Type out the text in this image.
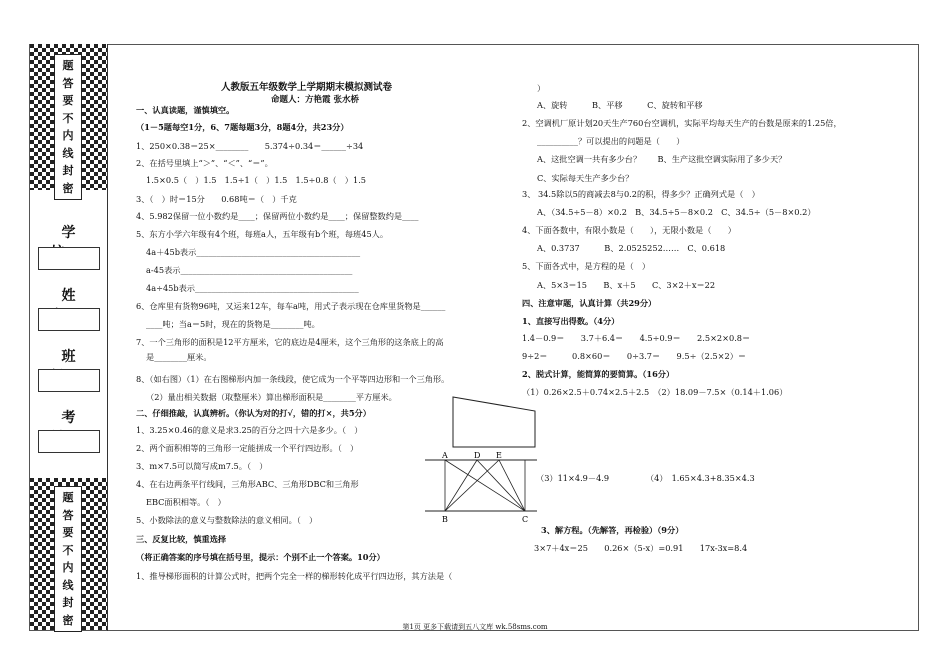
题
答
要
不
内
线
封
密
学
姓
班
考
题
答
要
不
内
线
封
密
人教版五年级数学上学期期末模拟测试卷
命题人：方艳霞 张水桥
一、认真读题，谨慎填空。
（1－5题每空1分，6、7题每题3分，8题4分，共23分）
1、250×0.38＝25×________　　5.374÷0.34＝______÷34
2、在括号里填上“＞”、“＜”、“＝”。
1.5×0.5（　）1.5　1.5÷1（　）1.5　1.5÷0.8（　）1.5
3、（　）时＝15分　　0.68吨＝（　）千克
4、5.982保留一位小数约是____；保留两位小数约是____；保留整数约是____
5、东方小学六年级有4个班，每班a人，五年级有b个班，每班45人。
4a＋45b表示________________________________________
a-45表示__________________________________________
4a÷45b表示________________________________________
6、仓库里有货物96吨，又运来12车，每车a吨，用式子表示现在仓库里货物是______
____吨；当a＝5时，现在的货物是________吨。
7、一个三角形的面积是12平方厘米，它的底边是4厘米，这个三角形的这条底上的高
是________厘米。
8、（如右图）（1）在右图梯形内加一条线段，使它成为一个平等四边形和一个三角形。
（2）量出相关数据（取整厘米）算出梯形面积是________平方厘米。
二、仔细推敲，认真辨析。（你认为对的打√，错的打×，共5分）
1、3.25×0.46的意义是求3.25的百分之四十六是多少。（　）
2、两个面积相等的三角形一定能拼成一个平行四边形。（　）
3、m×7.5可以简写成m7.5。（　）
4、在右边两条平行线间，三角形ABC、三角形DBC和三角形
EBC面积相等。（　）
5、小数除法的意义与整数除法的意义相同。（　）
三、反复比较，慎重选择
（将正确答案的序号填在括号里，提示：个别不止一个答案。10分）
1、推导梯形面积的计算公式时，把两个完全一样的梯形转化成平行四边形，其方法是（
）
A、旋转　　　B、平移　　　C、旋转和平移
2、空调机厂原计划20天生产760台空调机，实际平均每天生产的台数是原来的1.25倍，
__________？可以提出的问题是（　　）
A、这批空调一共有多少台？　　B、生产这批空调实际用了多少天？
C、实际每天生产多少台？
3、 34.5除以5的商减去8与0.2的积，得多少？正确列式是（　）
A、（34.5÷5－8）×0.2　B、34.5÷5－8×0.2　C、34.5÷（5－8×0.2）
4、下面各数中，有限小数是（　　），无限小数是（　　）
A、0.3737　　　B、2.0525252……　C、0.618
5、下面各式中，是方程的是（　）
A、5×3＝15　　B、x＋5　　C、3×2＋x＝22
四、注意审题，认真计算（共29分）
1、直接写出得数。（4分）
1.4－0.9＝　　3.7＋6.4＝　　4.5÷0.9＝　　2.5×2×0.8＝
9÷2＝　　　0.8×60＝　　0÷3.7＝　　9.5÷（2.5×2）＝
2、脱式计算，能简算的要简算。（16分）
（1）0.26×2.5＋0.74×2.5＋2.5　（2）18.09－7.5×（0.14＋1.06）
（3）11×4.9－4.9　　　　　（4）　1.65×4.3+8.35×4.3
3、解方程。（先解答，再检验）（9分）
3×7＋4x＝25　　0.26×（5-x）=0.91　　17x-3x=8.4
A	D E
B	C
第1页 更多下载请到五八文库 wk.58sms.com
